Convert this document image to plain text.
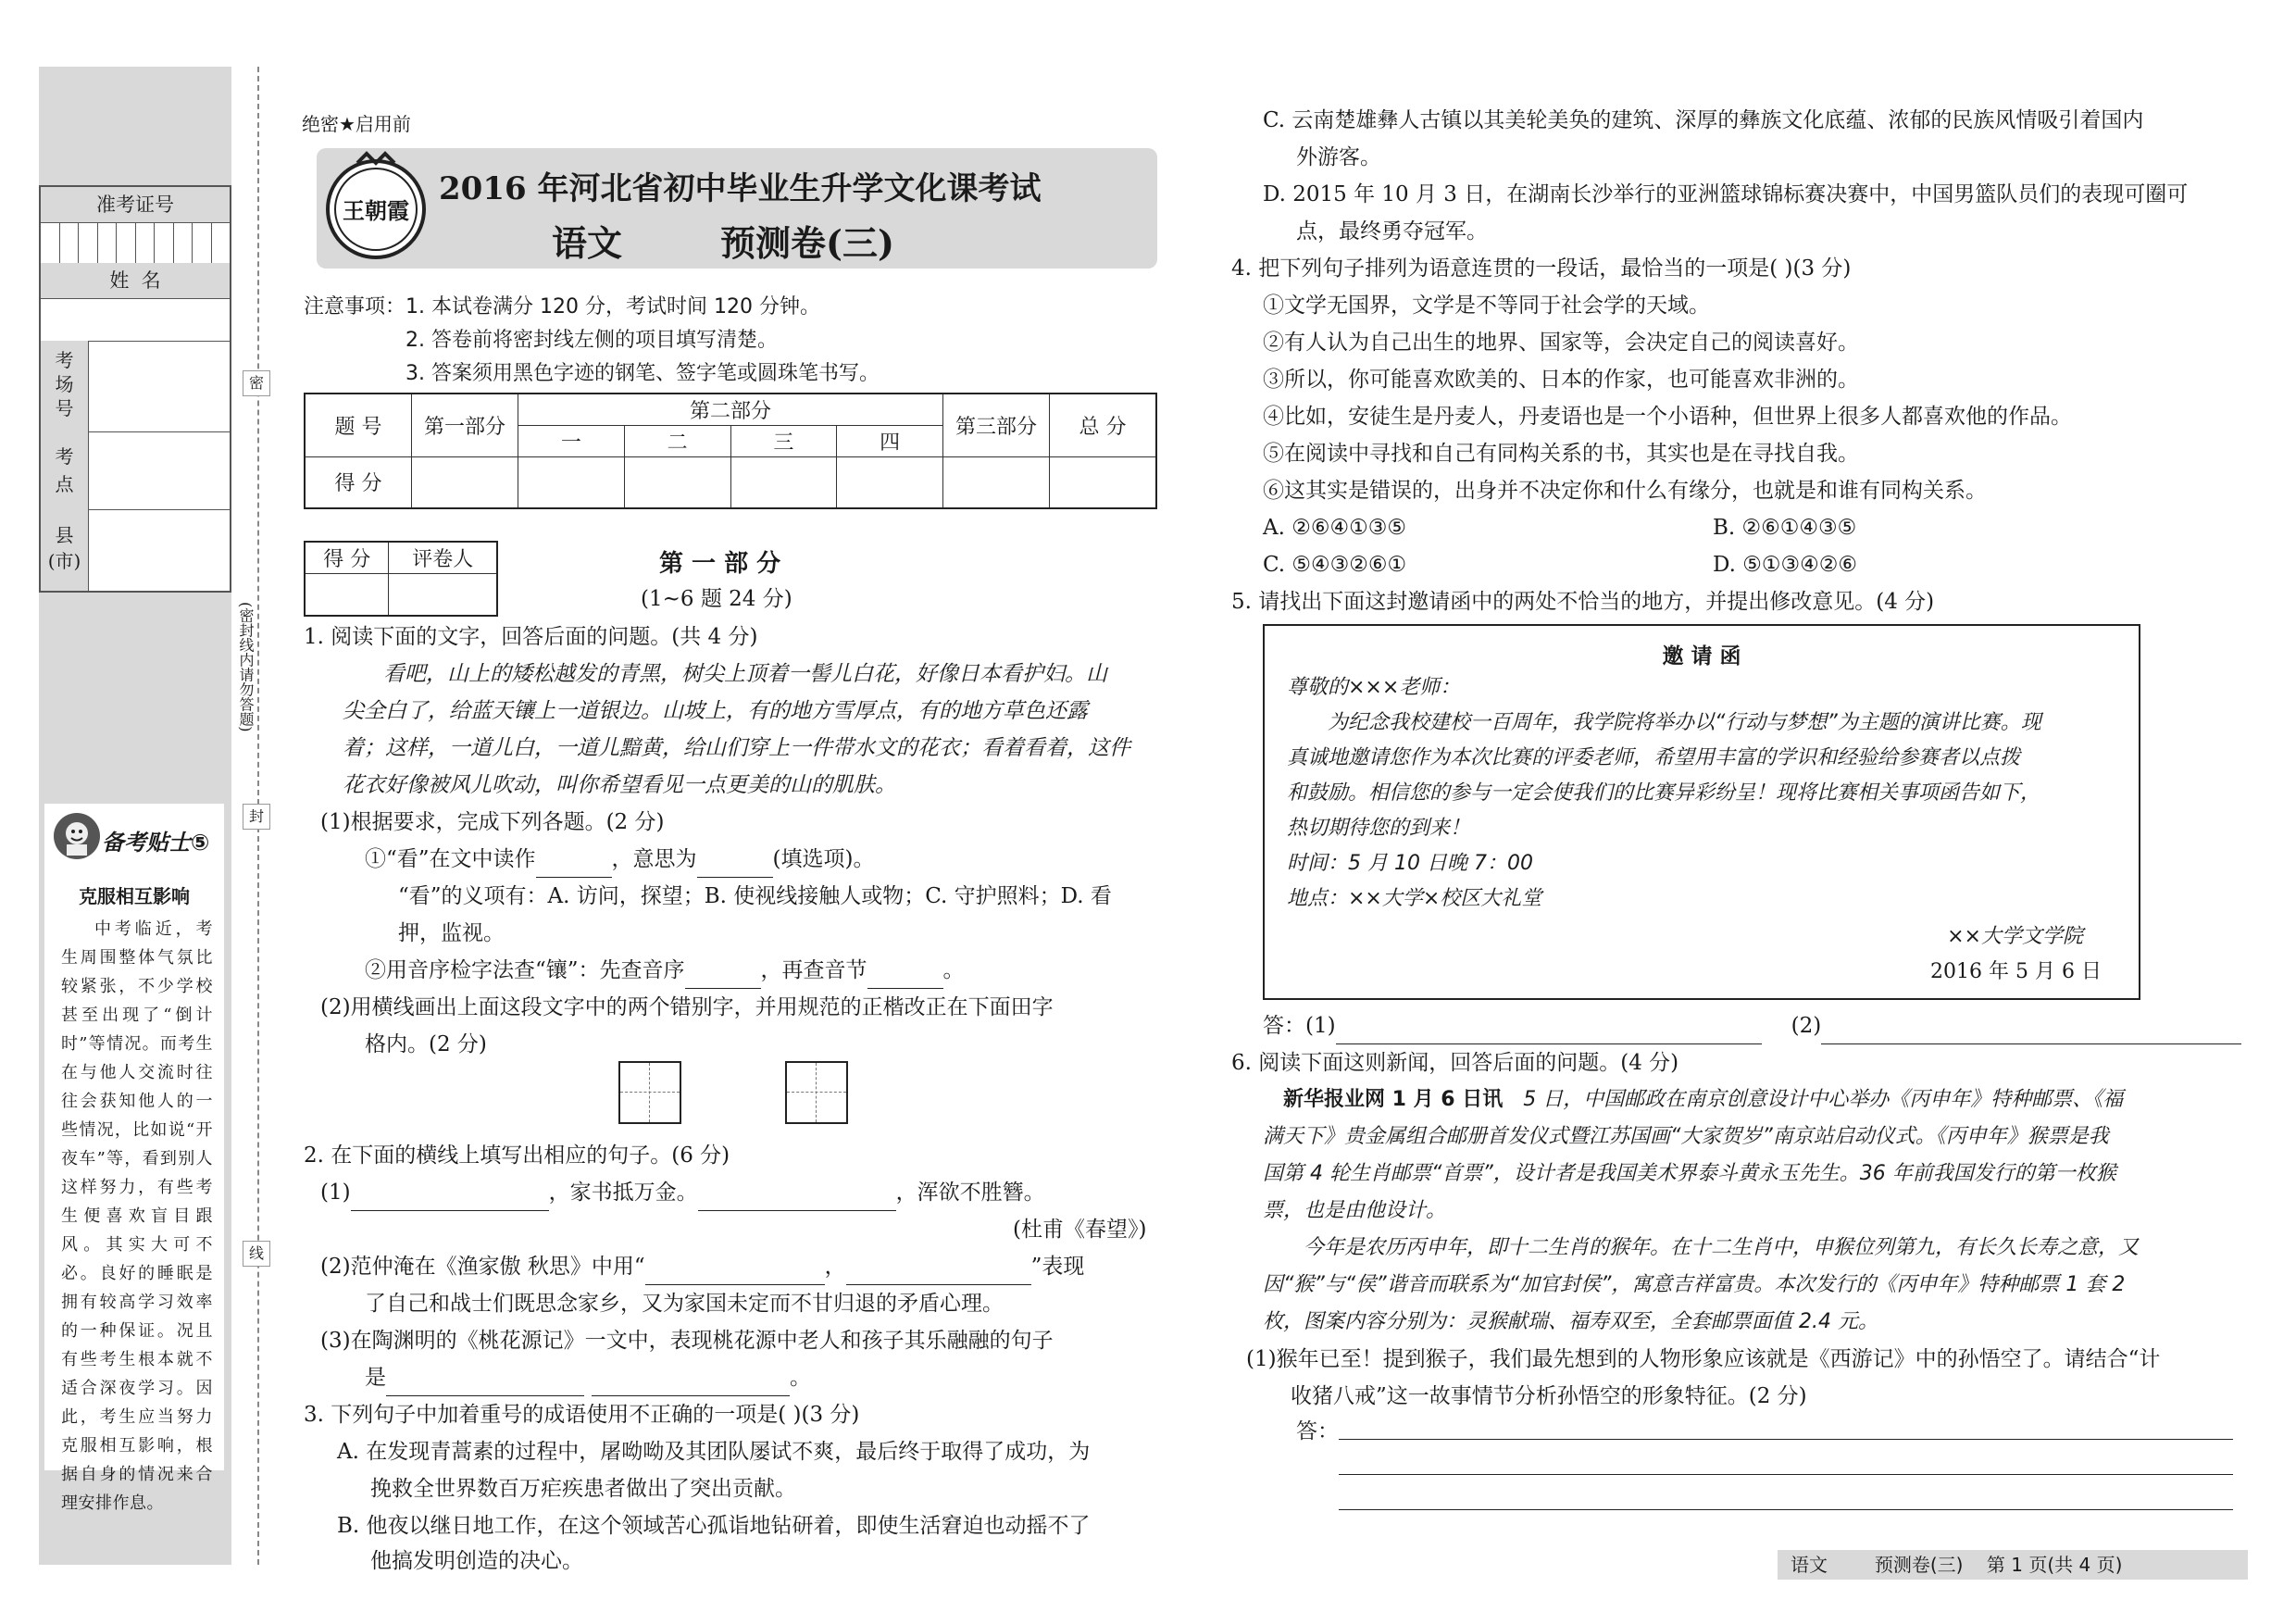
准考证号
姓  名
考
场
号
考
点
县
(市)
备考贴士⑤
克服相互影响
中考临近，考生周围整体气氛比较紧张，不少学校甚至出现了“倒计时”等情况。而考生在与他人交流时往往会获知他人的一些情况，比如说“开夜车”等，看到别人这样努力，有些考生便喜欢盲目跟风。其实大可不必。良好的睡眠是拥有较高学习效率的一种保证。况且有些考生根本就不适合深夜学习。因此，考生应当努力克服相互影响，根据自身的情况来合理安排作息。
密
(密封线内请勿答题)
封
线
绝密★启用前
王朝霞
2016 年河北省初中毕业生升学文化课考试
语文	预测卷(三)
注意事项： 1. 本试卷满分 120 分，考试时间 120 分钟。
2. 答卷前将密封线左侧的项目填写清楚。
3. 答案须用黑色字迹的钢笔、签字笔或圆珠笔书写。
题 号	第一部分	第二部分				第三部分	总 分
		一	二	三	四		
得 分							
得 分	评卷人
		第 一 部 分
(1~6 题 24 分)
1. 阅读下面的文字，回答后面的问题。(共 4 分)
看吧，山上的矮松越发的青黑，树尖上顶着一髻儿白花，好像日本看护妇。山
尖全白了，给蓝天镶上一道银边。山坡上，有的地方雪厚点，有的地方草色还露
着；这样，一道儿白，一道儿黯黄，给山们穿上一件带水文的花衣；看着看着，这件
花衣好像被风儿吹动，叫你希望看见一点更美的山的肌肤。
(1)根据要求，完成下列各题。(2 分)
①“看”在文中读作	，意思为	(填选项)。
“看”的义项有：A. 访问，探望；B. 使视线接触人或物；C. 守护照料；D. 看
押，监视。
②用音序检字法查“镶”：先查音序	，再查音节	。
(2)用横线画出上面这段文字中的两个错别字，并用规范的正楷改正在下面田字
格内。(2 分)
2. 在下面的横线上填写出相应的句子。(6 分)
(1)	，家书抵万金。	，浑欲不胜簪。
(杜甫《春望》)
(2)范仲淹在《渔家傲 秋思》中用“	，	”表现
了自己和战士们既思念家乡，又为家国未定而不甘归退的矛盾心理。
(3)在陶渊明的《桃花源记》一文中，表现桃花源中老人和孩子其乐融融的句子
是	。
3. 下列句子中加着重号的成语使用不正确的一项是( )(3 分)
A. 在发现青蒿素的过程中，屠呦呦及其团队屡试不爽，最后终于取得了成功，为
挽救全世界数百万疟疾患者做出了突出贡献。
B. 他夜以继日地工作，在这个领域苦心孤诣地钻研着，即使生活窘迫也动摇不了
他搞发明创造的决心。
C. 云南楚雄彝人古镇以其美轮美奂的建筑、深厚的彝族文化底蕴、浓郁的民族风情吸引着国内
外游客。
D. 2015 年 10 月 3 日，在湖南长沙举行的亚洲篮球锦标赛决赛中，中国男篮队员们的表现可圈可
点，最终勇夺冠军。
4. 把下列句子排列为语意连贯的一段话，最恰当的一项是( )(3 分)
①文学无国界，文学是不等同于社会学的天域。
②有人认为自己出生的地界、国家等，会决定自己的阅读喜好。
③所以，你可能喜欢欧美的、日本的作家，也可能喜欢非洲的。
④比如，安徒生是丹麦人，丹麦语也是一个小语种，但世界上很多人都喜欢他的作品。
⑤在阅读中寻找和自己有同构关系的书，其实也是在寻找自我。
⑥这其实是错误的，出身并不决定你和什么有缘分，也就是和谁有同构关系。
A. ②⑥④①③⑤	B. ②⑥①④③⑤
C. ⑤④③②⑥①	D. ⑤①③④②⑥
5. 请找出下面这封邀请函中的两处不恰当的地方，并提出修改意见。(4 分)
邀 请 函
尊敬的×××老师：
为纪念我校建校一百周年，我学院将举办以“行动与梦想”为主题的演讲比赛。现
真诚地邀请您作为本次比赛的评委老师，希望用丰富的学识和经验给参赛者以点拨
和鼓励。相信您的参与一定会使我们的比赛异彩纷呈！现将比赛相关事项函告如下，
热切期待您的到来！
时间：5 月 10 日晚 7：00
地点：××大学×校区大礼堂
××大学文学院
2016 年 5 月 6 日
答：(1)	(2)
6. 阅读下面这则新闻，回答后面的问题。(4 分)
新华报业网 1 月 6 日讯 5 日，中国邮政在南京创意设计中心举办《丙申年》特种邮票、《福
满天下》贵金属组合邮册首发仪式暨江苏国画“大家贺岁”南京站启动仪式。《丙申年》猴票是我
国第 4 轮生肖邮票“首票”，设计者是我国美术界泰斗黄永玉先生。36 年前我国发行的第一枚猴
票，也是由他设计。
今年是农历丙申年，即十二生肖的猴年。在十二生肖中，申猴位列第九，有长久长寿之意，又
因“猴”与“侯”谐音而联系为“加官封侯”，寓意吉祥富贵。本次发行的《丙申年》特种邮票 1 套 2
枚，图案内容分别为：灵猴献瑞、福寿双至，全套邮票面值 2.4 元。
(1)猴年已至！提到猴子，我们最先想到的人物形象应该就是《西游记》中的孙悟空了。请结合“计
收猪八戒”这一故事情节分析孙悟空的形象特征。(2 分)
答：
语文        预测卷(三)    第 1 页(共 4 页)
